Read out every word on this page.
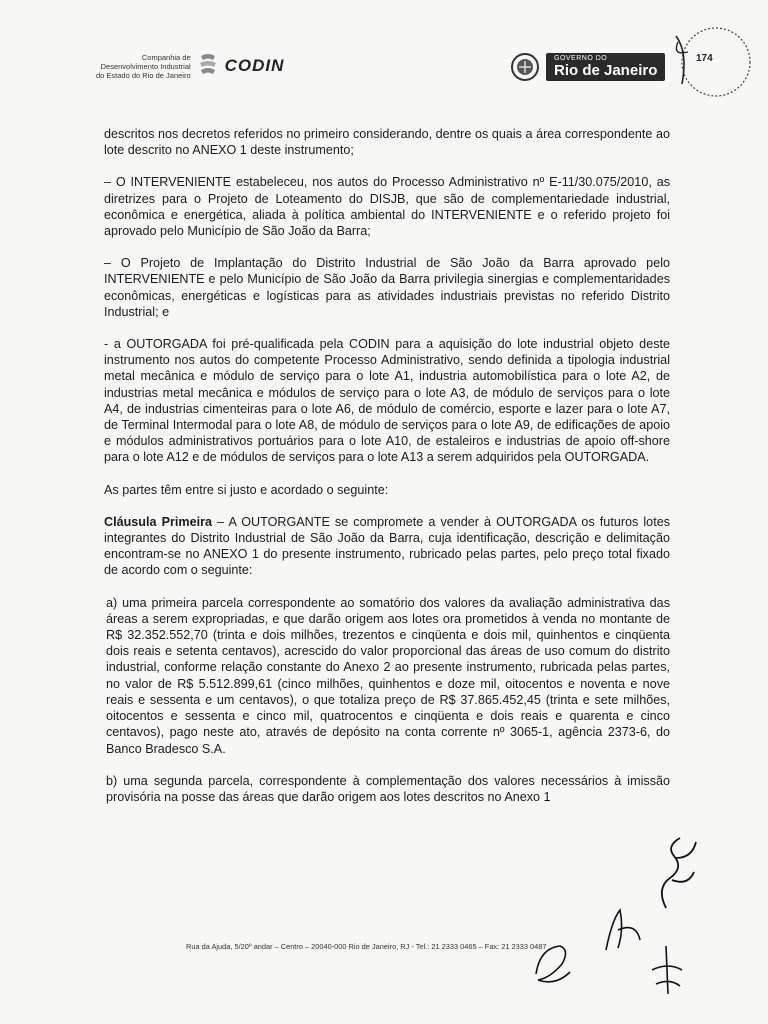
Companhia de
Desenvolvimento Industrial
do Estado do Rio de Janeiro CODIN	GOVERNO DO
Rio de Janeiro
174

descritos nos decretos referidos no primeiro considerando, dentre os quais a área correspondente ao lote descrito no ANEXO 1 deste instrumento;

– O INTERVENIENTE estabeleceu, nos autos do Processo Administrativo nº E-11/30.075/2010, as diretrizes para o Projeto de Loteamento do DISJB, que são de complementariedade industrial, econômica e energética, aliada à política ambiental do INTERVENIENTE e o referido projeto foi aprovado pelo Município de São João da Barra;

– O Projeto de Implantação do Distrito Industrial de São João da Barra aprovado pelo INTERVENIENTE e pelo Município de São João da Barra privilegia sinergias e complementaridades econômicas, energéticas e logísticas para as atividades industriais previstas no referido Distrito Industrial; e

- a OUTORGADA foi pré-qualificada pela CODIN para a aquisição do lote industrial objeto deste instrumento nos autos do competente Processo Administrativo, sendo definida a tipologia industrial metal mecânica e módulo de serviço para o lote A1, industria automobilística para o lote A2, de industrias metal mecânica e módulos de serviço para o lote A3, de módulo de serviços para o lote A4, de industrias cimenteiras para o lote A6, de módulo de comércio, esporte e lazer para o lote A7, de Terminal Intermodal para o lote A8, de módulo de serviços para o lote A9, de edificações de apoio e módulos administrativos portuários para o lote A10, de estaleiros e industrias de apoio off-shore para o lote A12 e de módulos de serviços para o lote A13 a serem adquiridos pela OUTORGADA.

As partes têm entre si justo e acordado o seguinte:

Cláusula Primeira – A OUTORGANTE se compromete a vender à OUTORGADA os futuros lotes integrantes do Distrito Industrial de São João da Barra, cuja identificação, descrição e delimitação encontram-se no ANEXO 1 do presente instrumento, rubricado pelas partes, pelo preço total fixado de acordo com o seguinte:

a) uma primeira parcela correspondente ao somatório dos valores da avaliação administrativa das áreas a serem expropriadas, e que darão origem aos lotes ora prometidos à venda no montante de R$ 32.352.552,70 (trinta e dois milhões, trezentos e cinqüenta e dois mil, quinhentos e cinqüenta dois reais e setenta centavos), acrescido do valor proporcional das áreas de uso comum do distrito industrial, conforme relação constante do Anexo 2 ao presente instrumento, rubricada pelas partes, no valor de R$ 5.512.899,61 (cinco milhões, quinhentos e doze mil, oitocentos e noventa e nove reais e sessenta e um centavos), o que totaliza preço de R$ 37.865.452,45 (trinta e sete milhões, oitocentos e sessenta e cinco mil, quatrocentos e cinqüenta e dois reais e quarenta e cinco centavos), pago neste ato, através de depósito na conta corrente nº 3065-1, agência 2373-6, do Banco Bradesco S.A.

b) uma segunda parcela, correspondente à complementação dos valores necessários à imissão provisória na posse das áreas que darão origem aos lotes descritos no Anexo 1

Rua da Ajuda, 5/20º andar – Centro – 20040-000 Rio de Janeiro, RJ - Tel.: 21 2333 0465 – Fax: 21 2333 0487
